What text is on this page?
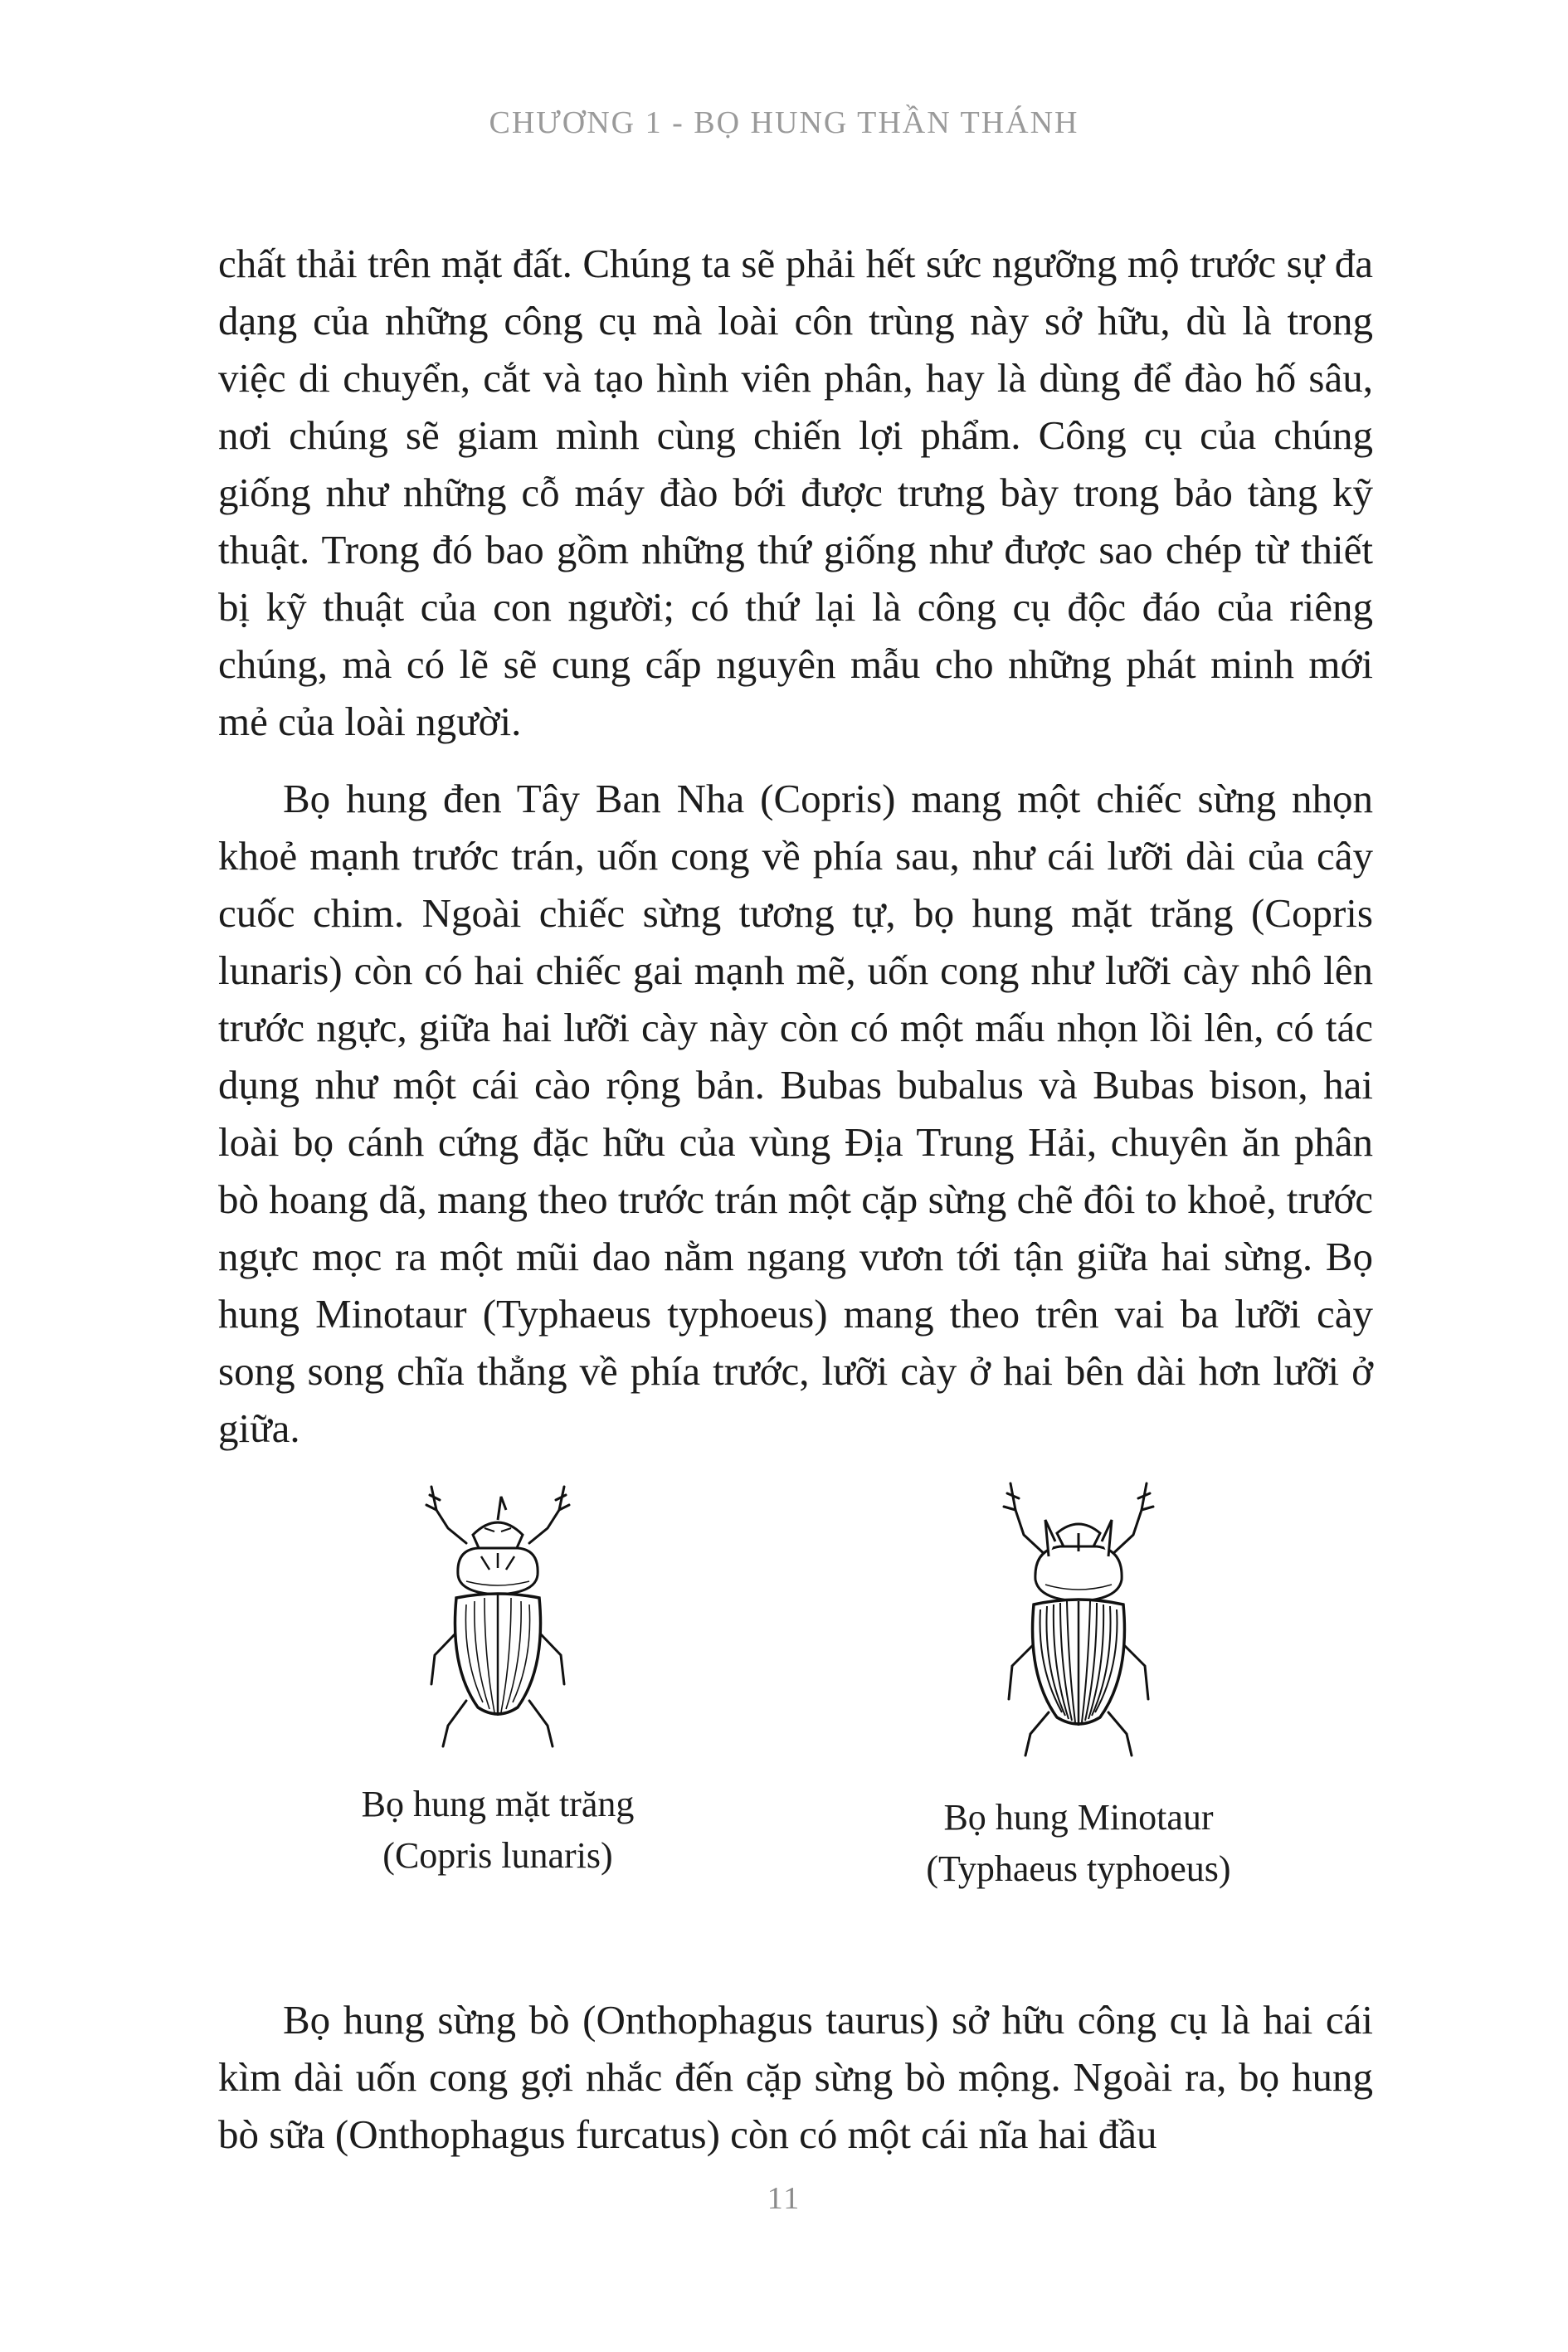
CHƯƠNG 1 - BỌ HUNG THẦN THÁNH

chất thải trên mặt đất. Chúng ta sẽ phải hết sức ngưỡng mộ trước sự đa dạng của những công cụ mà loài côn trùng này sở hữu, dù là trong việc di chuyển, cắt và tạo hình viên phân, hay là dùng để đào hố sâu, nơi chúng sẽ giam mình cùng chiến lợi phẩm. Công cụ của chúng giống như những cỗ máy đào bới được trưng bày trong bảo tàng kỹ thuật. Trong đó bao gồm những thứ giống như được sao chép từ thiết bị kỹ thuật của con người; có thứ lại là công cụ độc đáo của riêng chúng, mà có lẽ sẽ cung cấp nguyên mẫu cho những phát minh mới mẻ của loài người.

Bọ hung đen Tây Ban Nha (Copris) mang một chiếc sừng nhọn khoẻ mạnh trước trán, uốn cong về phía sau, như cái lưỡi dài của cây cuốc chim. Ngoài chiếc sừng tương tự, bọ hung mặt trăng (Copris lunaris) còn có hai chiếc gai mạnh mẽ, uốn cong như lưỡi cày nhô lên trước ngực, giữa hai lưỡi cày này còn có một mấu nhọn lồi lên, có tác dụng như một cái cào rộng bản. Bubas bubalus và Bubas bison, hai loài bọ cánh cứng đặc hữu của vùng Địa Trung Hải, chuyên ăn phân bò hoang dã, mang theo trước trán một cặp sừng chẽ đôi to khoẻ, trước ngực mọc ra một mũi dao nằm ngang vươn tới tận giữa hai sừng. Bọ hung Minotaur (Typhaeus typhoeus) mang theo trên vai ba lưỡi cày song song chĩa thẳng về phía trước, lưỡi cày ở hai bên dài hơn lưỡi ở giữa.

Bọ hung mặt trăng
(Copris lunaris)
Bọ hung Minotaur
(Typhaeus typhoeus)

Bọ hung sừng bò (Onthophagus taurus) sở hữu công cụ là hai cái kìm dài uốn cong gợi nhắc đến cặp sừng bò mộng. Ngoài ra, bọ hung bò sữa (Onthophagus furcatus) còn có một cái nĩa hai đầu

11
